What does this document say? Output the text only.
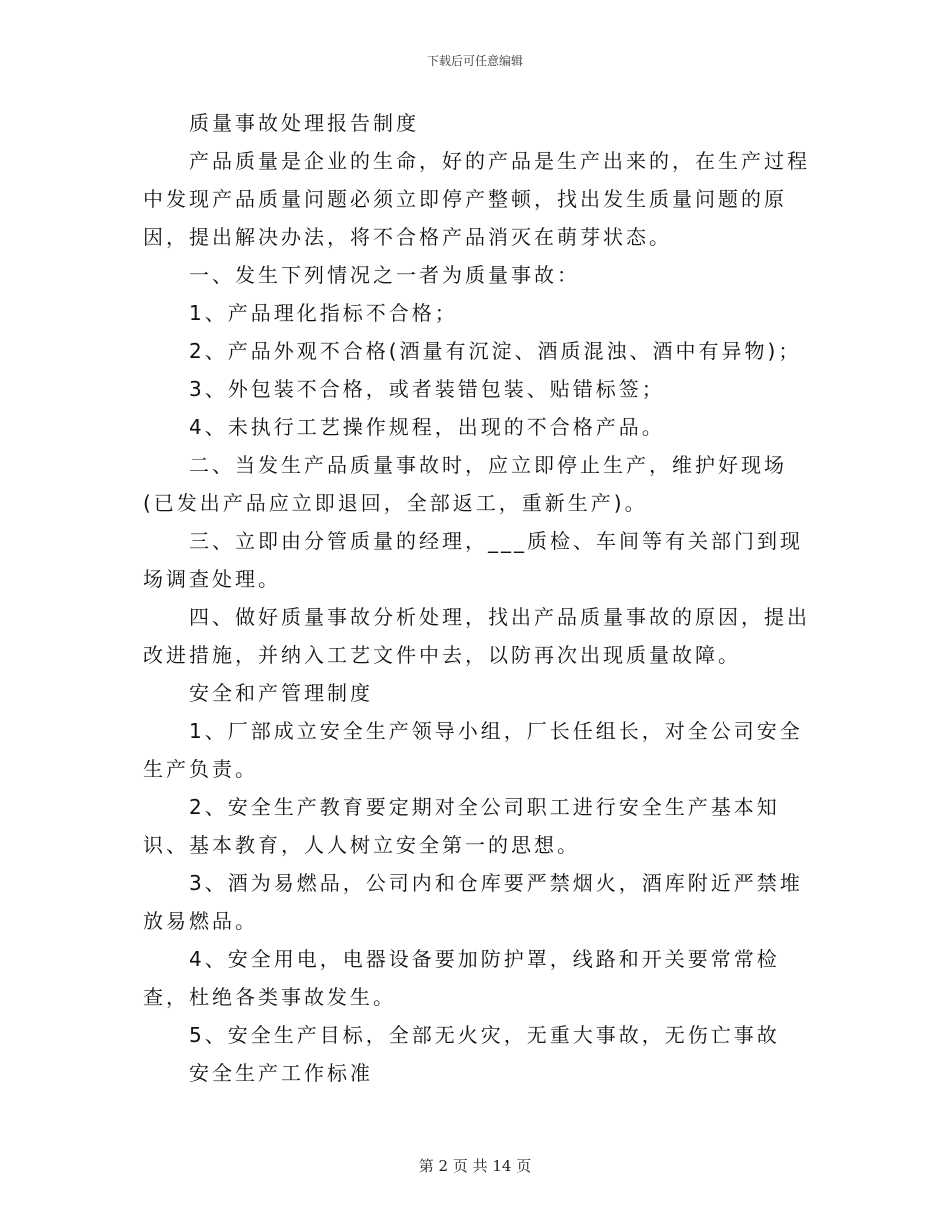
下载后可任意编辑

质量事故处理报告制度

产品质量是企业的生命，好的产品是生产出来的，在生产过程中发现产品质量问题必须立即停产整顿，找出发生质量问题的原因，提出解决办法，将不合格产品消灭在萌芽状态。

一、发生下列情况之一者为质量事故：

1、产品理化指标不合格；

2、产品外观不合格(酒量有沉淀、酒质混浊、酒中有异物)；

3、外包装不合格，或者装错包装、贴错标签；

4、未执行工艺操作规程，出现的不合格产品。

二、当发生产品质量事故时，应立即停止生产，维护好现场(已发出产品应立即退回，全部返工，重新生产)。

三、立即由分管质量的经理，___质检、车间等有关部门到现场调查处理。

四、做好质量事故分析处理，找出产品质量事故的原因，提出改进措施，并纳入工艺文件中去，以防再次出现质量故障。

安全和产管理制度

1、厂部成立安全生产领导小组，厂长任组长，对全公司安全生产负责。

2、安全生产教育要定期对全公司职工进行安全生产基本知识、基本教育，人人树立安全第一的思想。

3、酒为易燃品，公司内和仓库要严禁烟火，酒库附近严禁堆放易燃品。

4、安全用电，电器设备要加防护罩，线路和开关要常常检查，杜绝各类事故发生。

5、安全生产目标，全部无火灾，无重大事故，无伤亡事故

安全生产工作标准

第 2 页 共 14 页
